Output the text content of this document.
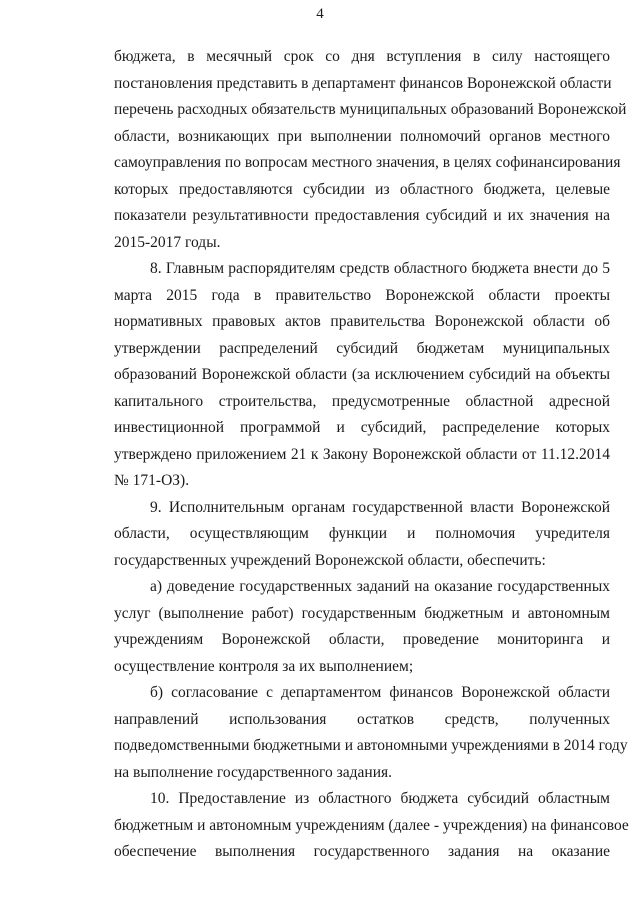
4
бюджета, в месячный срок со дня вступления в силу настоящего
постановления представить в департамент финансов Воронежской области
перечень расходных обязательств муниципальных образований Воронежской
области, возникающих при выполнении полномочий органов местного
самоуправления по вопросам местного значения, в целях софинансирования
которых предоставляются субсидии из областного бюджета, целевые
показатели результативности предоставления субсидий и их значения на
2015-2017 годы.
8. Главным распорядителям средств областного бюджета внести до 5
марта 2015 года в правительство Воронежской области проекты
нормативных правовых актов правительства Воронежской области об
утверждении распределений субсидий бюджетам муниципальных
образований Воронежской области (за исключением субсидий на объекты
капитального строительства, предусмотренные областной адресной
инвестиционной программой и субсидий, распределение которых
утверждено приложением 21 к Закону Воронежской области от 11.12.2014
№ 171-ОЗ).
9. Исполнительным органам государственной власти Воронежской
области, осуществляющим функции и полномочия учредителя
государственных учреждений Воронежской области, обеспечить:
а) доведение государственных заданий на оказание государственных
услуг (выполнение работ) государственным бюджетным и автономным
учреждениям Воронежской области, проведение мониторинга и
осуществление контроля за их выполнением;
б) согласование с департаментом финансов Воронежской области
направлений использования остатков средств, полученных
подведомственными бюджетными и автономными учреждениями в 2014 году
на выполнение государственного задания.
10. Предоставление из областного бюджета субсидий областным
бюджетным и автономным учреждениям (далее - учреждения) на финансовое
обеспечение выполнения государственного задания на оказание
